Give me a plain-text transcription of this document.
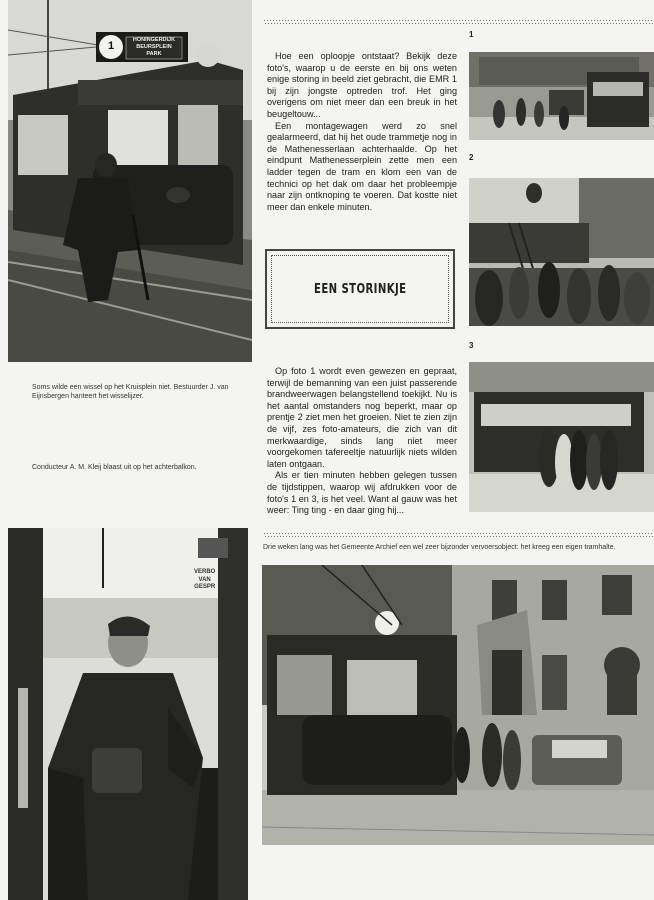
HONINGERDIJK
BEURSPLEIN
PARK
1
Soms wilde een wissel op het Kruisplein niet. Bestuurder J. van Eijnsbergen hanteert het wisselijzer.
Conducteur A. M. Kleij blaast uit op het achterbalkon.
VERBO
VAN
GESPR

Hoe een oploopje ontstaat? Bekijk deze foto's, waarop u de eerste en bij ons weten enige storing in beeld ziet gebracht, die EMR 1 bij zijn jongste optreden trof. Het ging overigens om niet meer dan een breuk in het beugeltouw...

Een montagewagen werd zo snel gealarmeerd, dat hij het oude trammetje nog in de Mathenesserlaan achterhaalde. Op het eindpunt Mathenesserplein zette men een ladder tegen de tram en klom een van de technici op het dak om daar het probleempje naar zijn ontknoping te voeren. Dat kostte niet meer dan enkele minuten.

EEN STORINKJE

Op foto 1 wordt even gewezen en gepraat, terwijl de bemanning van een juist passerende brandweerwagen belangstellend toekijkt. Nu is het aantal omstanders nog beperkt, maar op prentje 2 ziet men het groeien. Niet te zien zijn de vijf, zes foto-amateurs, die zich van dit merkwaardige, sinds lang niet meer voorgekomen tafereeltje natuurlijk niets wilden laten ontgaan.

Als er tien minuten hebben gelegen tussen de tijdstippen, waarop wij afdrukken voor de foto's 1 en 3, is het veel. Want al gauw was het weer: Ting ting - en daar ging hij...

1
2
3
Drie weken lang was het Gemeente Archief een wel zeer bijzonder vervoersobject: het kreeg een eigen tramhalte.
